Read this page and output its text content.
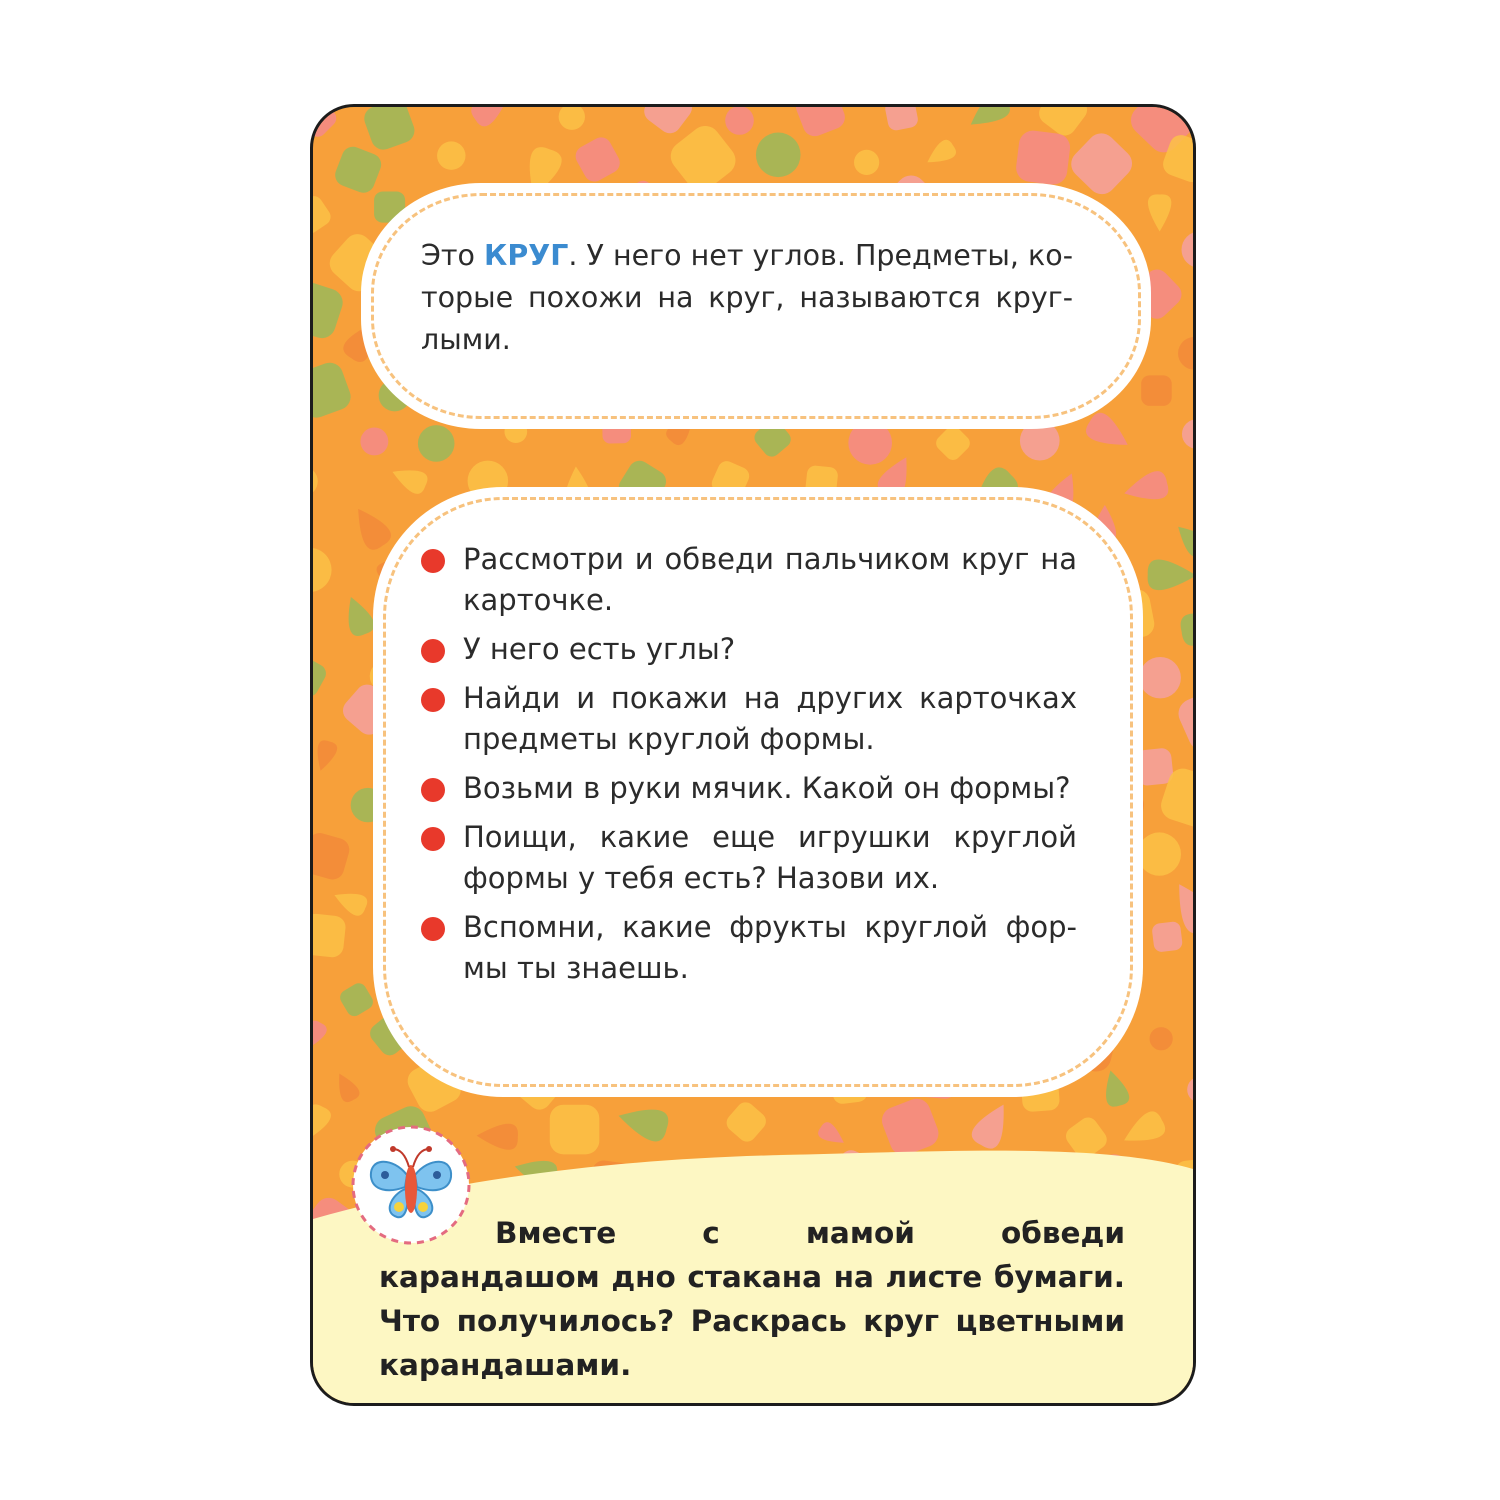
Это КРУГ. У него нет углов. Предметы, которые похожи на круг, называются круглыми.
Рассмотри и обведи пальчиком круг на карточке.
У него есть углы?
Найди и покажи на других карточках предметы круглой формы.
Возьми в руки мячик. Какой он формы?
Поищи, какие еще игрушки круглой формы у тебя есть? Назови их.
Вспомни, какие фрукты круглой формы ты знаешь.
Вместе с мамой обведи карандашом дно стакана на листе бумаги. Что получилось? Раскрась круг цветными карандашами.
